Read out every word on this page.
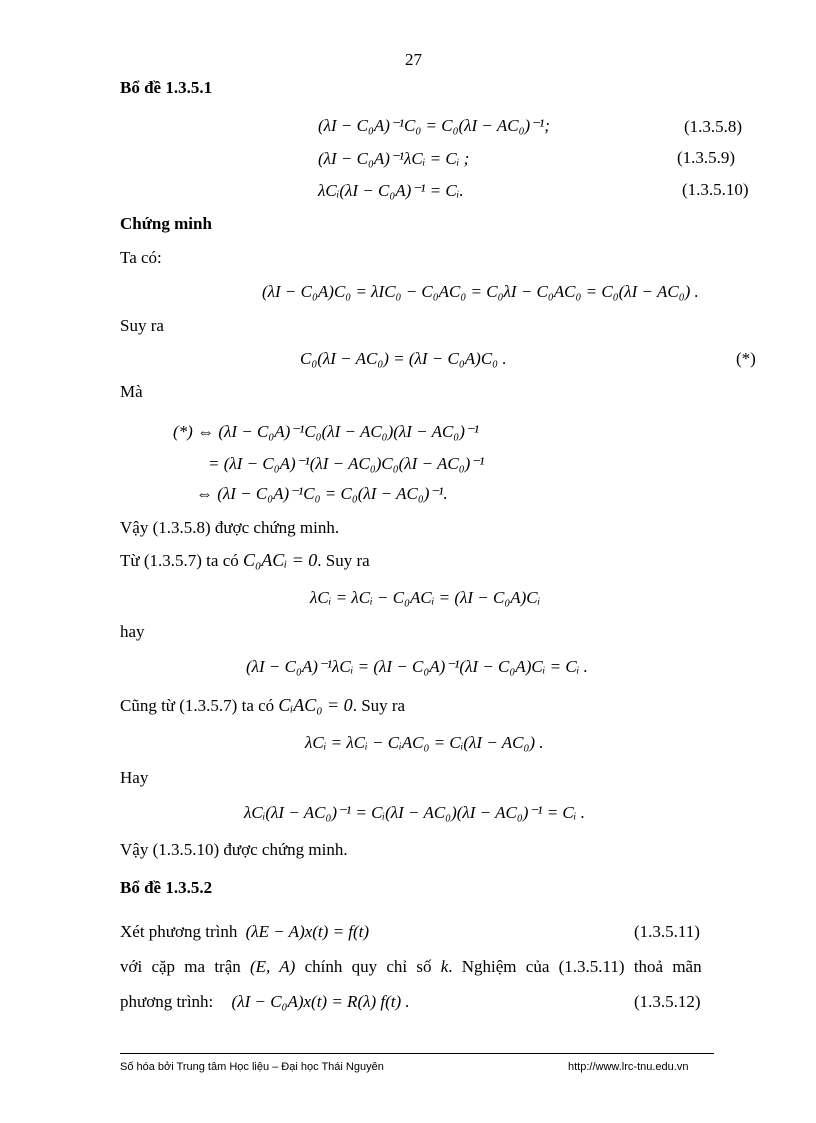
27
Bổ đề 1.3.5.1
(λI − C₀A)⁻¹C₀ = C₀(λI − AC₀)⁻¹;	(1.3.5.8)
(λI − C₀A)⁻¹λCᵢ = Cᵢ ;	(1.3.5.9)
λCᵢ(λI − C₀A)⁻¹ = Cᵢ.	(1.3.5.10)
Chứng minh
Ta có:
(λI − C₀A)C₀ = λIC₀ − C₀AC₀ = C₀λI − C₀AC₀ = C₀(λI − AC₀) .
Suy ra
C₀(λI − AC₀) = (λI − C₀A)C₀ .	(*)
Mà
(*) ⇔ (λI − C₀A)⁻¹C₀(λI − AC₀)(λI − AC₀)⁻¹
= (λI − C₀A)⁻¹(λI − AC₀)C₀(λI − AC₀)⁻¹
⇔ (λI − C₀A)⁻¹C₀ = C₀(λI − AC₀)⁻¹.
Vậy (1.3.5.8) được chứng minh.
Từ (1.3.5.7) ta có C₀ACᵢ = 0. Suy ra
λCᵢ = λCᵢ − C₀ACᵢ = (λI − C₀A)Cᵢ
hay
(λI − C₀A)⁻¹λCᵢ = (λI − C₀A)⁻¹(λI − C₀A)Cᵢ = Cᵢ .
Cũng từ (1.3.5.7) ta có CᵢAC₀ = 0. Suy ra
λCᵢ = λCᵢ − CᵢAC₀ = Cᵢ(λI − AC₀) .
Hay
λCᵢ(λI − AC₀)⁻¹ = Cᵢ(λI − AC₀)(λI − AC₀)⁻¹ = Cᵢ .
Vậy (1.3.5.10) được chứng minh.
Bổ đề 1.3.5.2
Xét phương trình (λE − A)x(t) = f(t)	(1.3.5.11)
với cặp ma trận (E, A) chính quy chỉ số k. Nghiệm của (1.3.5.11) thoả mãn
phương trình: (λI − C₀A)x(t) = R(λ) f(t) .	(1.3.5.12)
Số hóa bởi Trung tâm Học liệu – Đại học Thái Nguyên	http://www.lrc-tnu.edu.vn
